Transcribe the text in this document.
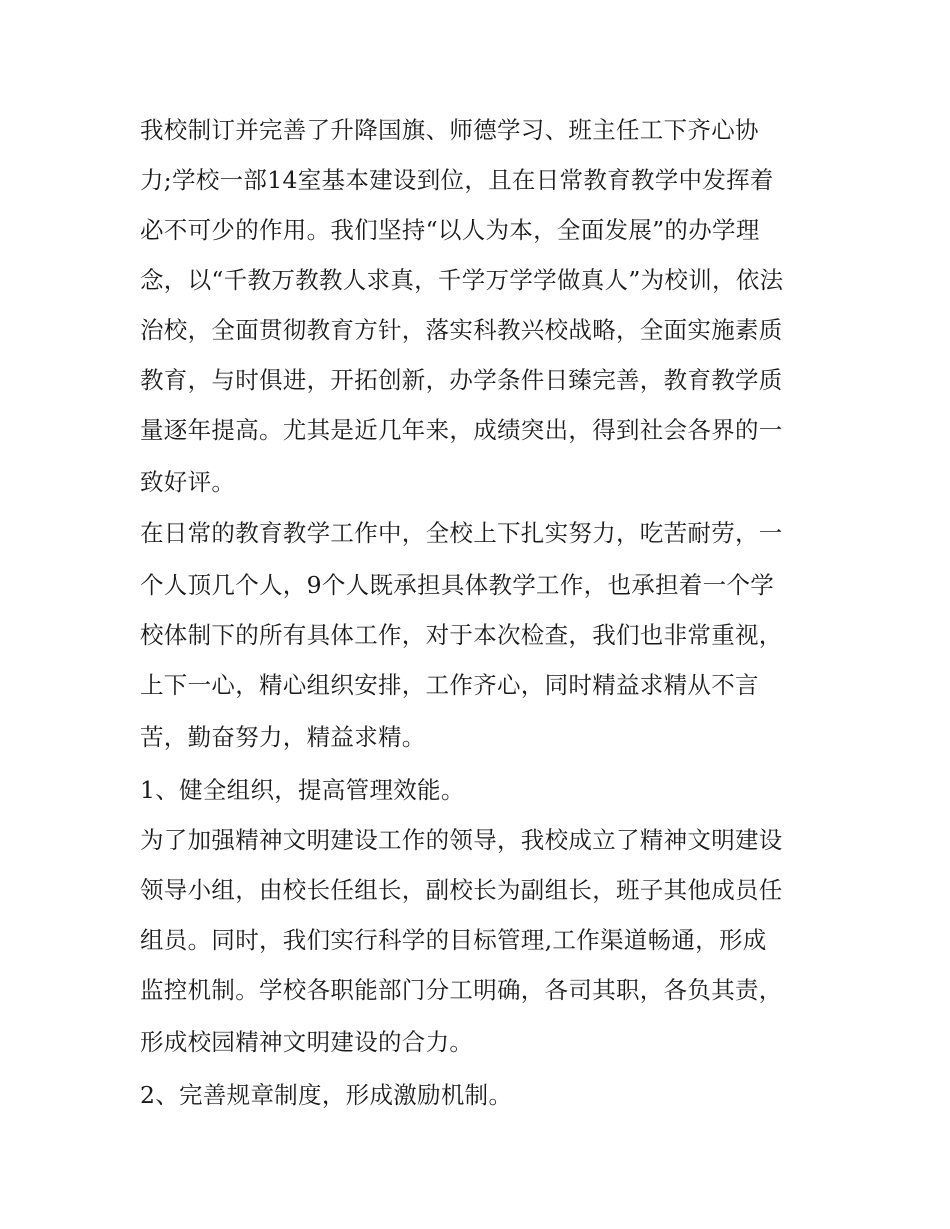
我校制订并完善了升降国旗、师德学习、班主任工下齐心协
力;学校一部14室基本建设到位，且在日常教育教学中发挥着
必不可少的作用。我们坚持“以人为本，全面发展”的办学理
念，以“千教万教教人求真，千学万学学做真人”为校训，依法
治校，全面贯彻教育方针，落实科教兴校战略，全面实施素质
教育，与时俱进，开拓创新，办学条件日臻完善，教育教学质
量逐年提高。尤其是近几年来，成绩突出，得到社会各界的一
致好评。
在日常的教育教学工作中，全校上下扎实努力，吃苦耐劳，一
个人顶几个人，9个人既承担具体教学工作，也承担着一个学
校体制下的所有具体工作，对于本次检查，我们也非常重视，
上下一心，精心组织安排，工作齐心，同时精益求精从不言
苦，勤奋努力，精益求精。
1、健全组织，提高管理效能。
为了加强精神文明建设工作的领导，我校成立了精神文明建设
领导小组，由校长任组长，副校长为副组长，班子其他成员任
组员。同时，我们实行科学的目标管理,工作渠道畅通，形成
监控机制。学校各职能部门分工明确，各司其职，各负其责，
形成校园精神文明建设的合力。
2、完善规章制度，形成激励机制。
